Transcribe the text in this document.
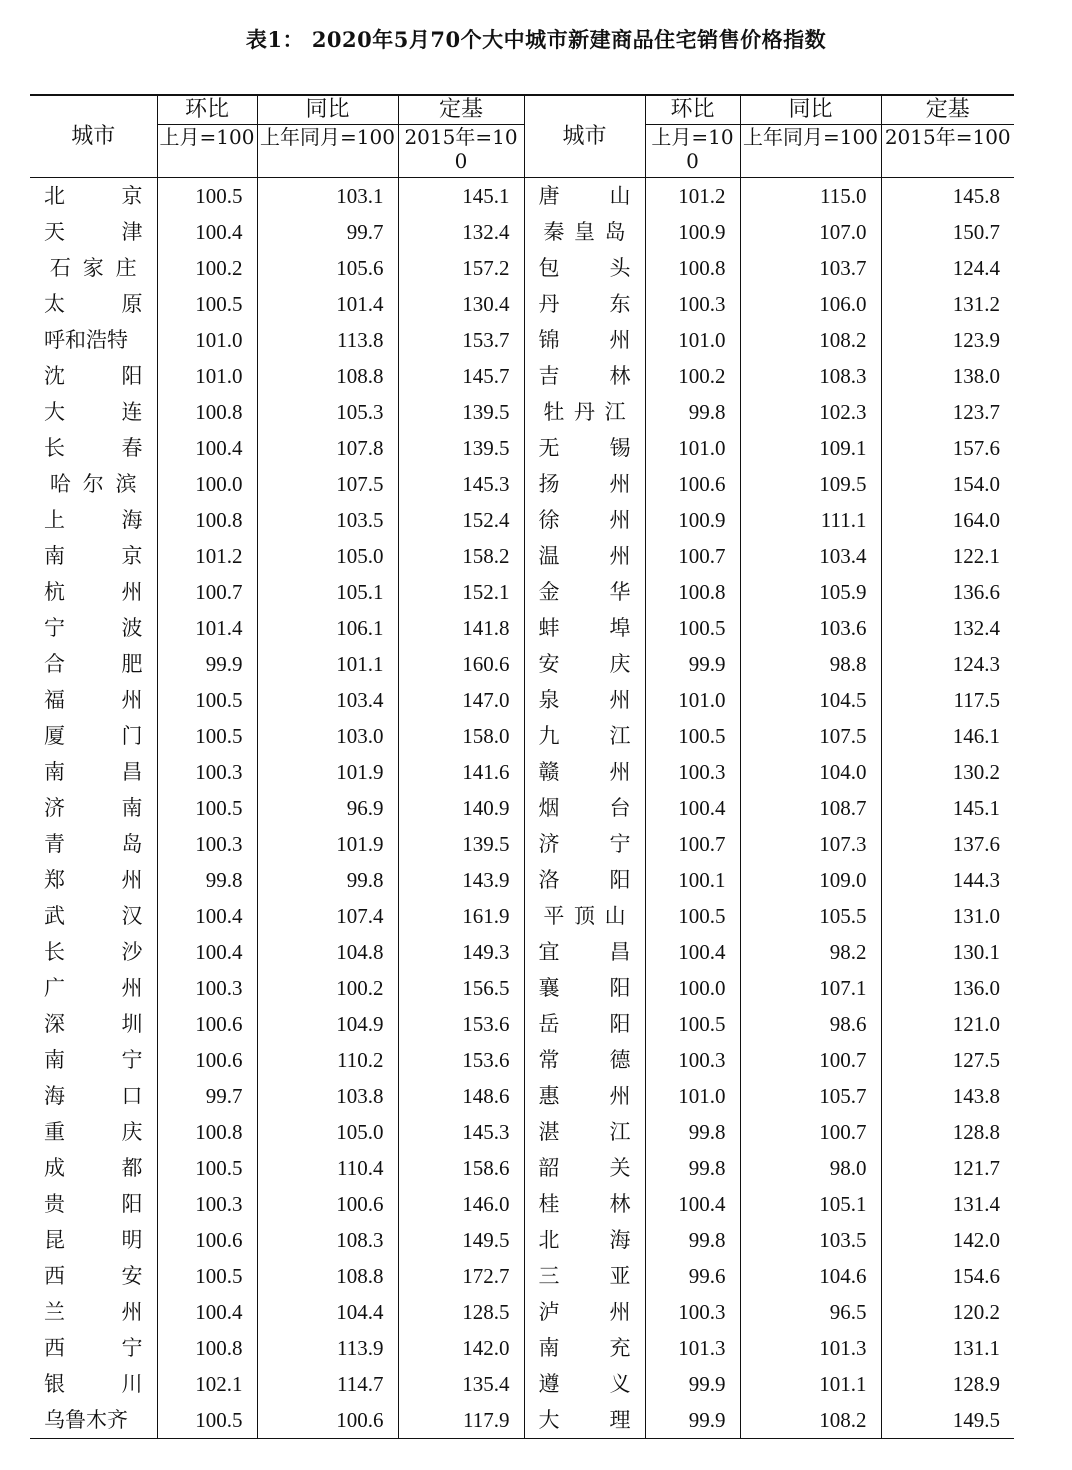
表1： 2020年5月70个大中城市新建商品住宅销售价格指数
城市	环比	同比	定基	城市	环比	同比	定基
	上月=100	上年同月=100	2015年=100		上月=100	上年同月=100	2015年=100

北 京	100.5	103.1	145.1	唐 山	101.2	115.0	145.8

天 津	100.4	99.7	132.4	秦 皇 岛	100.9	107.0	150.7

石 家 庄	100.2	105.6	157.2	包 头	100.8	103.7	124.4

太 原	100.5	101.4	130.4	丹 东	100.3	106.0	131.2

呼和浩特	101.0	113.8	153.7	锦 州	101.0	108.2	123.9

沈 阳	101.0	108.8	145.7	吉 林	100.2	108.3	138.0

大 连	100.8	105.3	139.5	牡 丹 江	99.8	102.3	123.7

长 春	100.4	107.8	139.5	无 锡	101.0	109.1	157.6

哈 尔 滨	100.0	107.5	145.3	扬 州	100.6	109.5	154.0

上 海	100.8	103.5	152.4	徐 州	100.9	111.1	164.0

南 京	101.2	105.0	158.2	温 州	100.7	103.4	122.1

杭 州	100.7	105.1	152.1	金 华	100.8	105.9	136.6

宁 波	101.4	106.1	141.8	蚌 埠	100.5	103.6	132.4

合 肥	99.9	101.1	160.6	安 庆	99.9	98.8	124.3

福 州	100.5	103.4	147.0	泉 州	101.0	104.5	117.5

厦 门	100.5	103.0	158.0	九 江	100.5	107.5	146.1

南 昌	100.3	101.9	141.6	赣 州	100.3	104.0	130.2

济 南	100.5	96.9	140.9	烟 台	100.4	108.7	145.1

青 岛	100.3	101.9	139.5	济 宁	100.7	107.3	137.6

郑 州	99.8	99.8	143.9	洛 阳	100.1	109.0	144.3

武 汉	100.4	107.4	161.9	平 顶 山	100.5	105.5	131.0

长 沙	100.4	104.8	149.3	宜 昌	100.4	98.2	130.1

广 州	100.3	100.2	156.5	襄 阳	100.0	107.1	136.0

深 圳	100.6	104.9	153.6	岳 阳	100.5	98.6	121.0

南 宁	100.6	110.2	153.6	常 德	100.3	100.7	127.5

海 口	99.7	103.8	148.6	惠 州	101.0	105.7	143.8

重 庆	100.8	105.0	145.3	湛 江	99.8	100.7	128.8

成 都	100.5	110.4	158.6	韶 关	99.8	98.0	121.7

贵 阳	100.3	100.6	146.0	桂 林	100.4	105.1	131.4

昆 明	100.6	108.3	149.5	北 海	99.8	103.5	142.0

西 安	100.5	108.8	172.7	三 亚	99.6	104.6	154.6

兰 州	100.4	104.4	128.5	泸 州	100.3	96.5	120.2

西 宁	100.8	113.9	142.0	南 充	101.3	101.3	131.1

银 川	102.1	114.7	135.4	遵 义	99.9	101.1	128.9

乌鲁木齐	100.5	100.6	117.9	大 理	99.9	108.2	149.5
